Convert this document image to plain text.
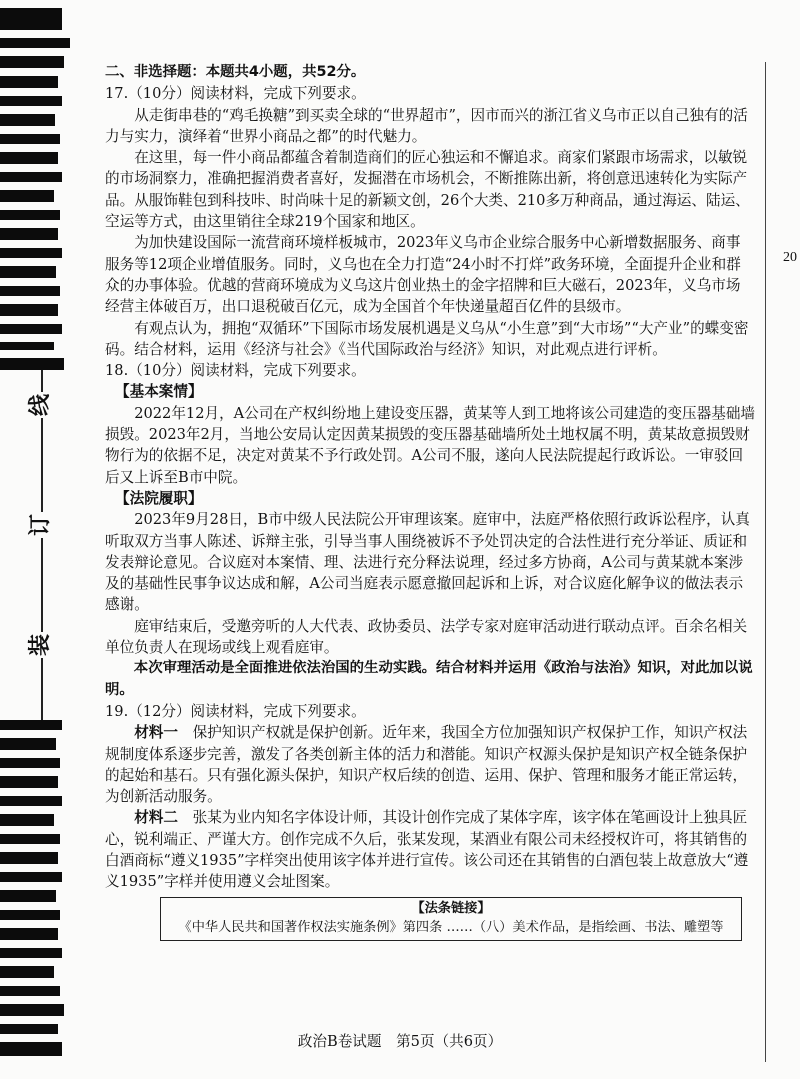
线
订
装
20

二、非选择题：本题共4小题，共52分。

17.（10分）阅读材料，完成下列要求。

从走街串巷的“鸡毛换糖”到买卖全球的“世界超市”，因市而兴的浙江省义乌市正以自己独有的活力与实力，演绎着“世界小商品之都”的时代魅力。

在这里，每一件小商品都蕴含着制造商们的匠心独运和不懈追求。商家们紧跟市场需求，以敏锐的市场洞察力，准确把握消费者喜好，发掘潜在市场机会，不断推陈出新，将创意迅速转化为实际产品。从服饰鞋包到科技咔、时尚味十足的新颖文创，26个大类、210多万种商品，通过海运、陆运、空运等方式，由这里销往全球219个国家和地区。

为加快建设国际一流营商环境样板城市，2023年义乌市企业综合服务中心新增数据服务、商事服务等12项企业增值服务。同时，义乌也在全力打造“24小时不打烊”政务环境，全面提升企业和群众的办事体验。优越的营商环境成为义乌这片创业热土的金字招牌和巨大磁石，2023年，义乌市场经营主体破百万，出口退税破百亿元，成为全国首个年快递量超百亿件的县级市。

有观点认为，拥抱“双循环”下国际市场发展机遇是义乌从“小生意”到“大市场”“大产业”的蝶变密码。结合材料，运用《经济与社会》《当代国际政治与经济》知识，对此观点进行评析。

18.（10分）阅读材料，完成下列要求。

【基本案情】

2022年12月，A公司在产权纠纷地上建设变压器，黄某等人到工地将该公司建造的变压器基础墙损毁。2023年2月，当地公安局认定因黄某损毁的变压器基础墙所处土地权属不明，黄某故意损毁财物行为的依据不足，决定对黄某不予行政处罚。A公司不服，遂向人民法院提起行政诉讼。一审驳回后又上诉至B市中院。

【法院履职】

2023年9月28日，B市中级人民法院公开审理该案。庭审中，法庭严格依照行政诉讼程序，认真听取双方当事人陈述、诉辩主张，引导当事人围绕被诉不予处罚决定的合法性进行充分举证、质证和发表辩论意见。合议庭对本案情、理、法进行充分释法说理，经过多方协商，A公司与黄某就本案涉及的基础性民事争议达成和解，A公司当庭表示愿意撤回起诉和上诉，对合议庭化解争议的做法表示感谢。

庭审结束后，受邀旁听的人大代表、政协委员、法学专家对庭审活动进行联动点评。百余名相关单位负责人在现场或线上观看庭审。

本次审理活动是全面推进依法治国的生动实践。结合材料并运用《政治与法治》知识，对此加以说明。

19.（12分）阅读材料，完成下列要求。

材料一　 保护知识产权就是保护创新。近年来，我国全方位加强知识产权保护工作，知识产权法规制度体系逐步完善，激发了各类创新主体的活力和潜能。知识产权源头保护是知识产权全链条保护的起始和基石。只有强化源头保护，知识产权后续的创造、运用、保护、管理和服务才能正常运转，为创新活动服务。

材料二　 张某为业内知名字体设计师，其设计创作完成了某体字库，该字体在笔画设计上独具匠心，锐利端正、严谨大方。创作完成不久后，张某发现，某酒业有限公司未经授权许可，将其销售的白酒商标“遵义1935”字样突出使用该字体并进行宣传。该公司还在其销售的白酒包装上故意放大“遵义1935”字样并使用遵义会址图案。

【法条链接】
《中华人民共和国著作权法实施条例》第四条 ……（八）美术作品，是指绘画、书法、雕塑等
政治B卷试题　第5页（共6页）
